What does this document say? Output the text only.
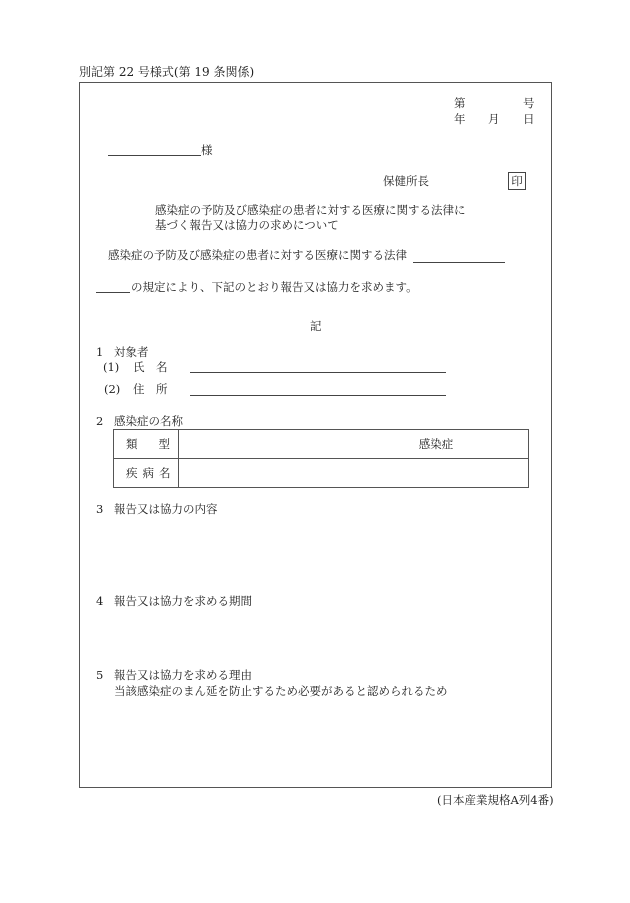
別記第 22 号様式(第 19 条関係)
第	号
年 月 日
様
保健所長	印
感染症の予防及び感染症の患者に対する医療に関する法律に
基づく報告又は協力の求めについて
感染症の予防及び感染症の患者に対する医療に関する法律
の規定により、下記のとおり報告又は協力を求めます。
記
1 対象者
(1) 氏 名
(2) 住 所
2 感染症の名称
類 型	感染症
疾病名	
3 報告又は協力の内容
4 報告又は協力を求める期間
5 報告又は協力を求める理由
当該感染症のまん延を防止するため必要があると認められるため
(日本産業規格A列4番)
